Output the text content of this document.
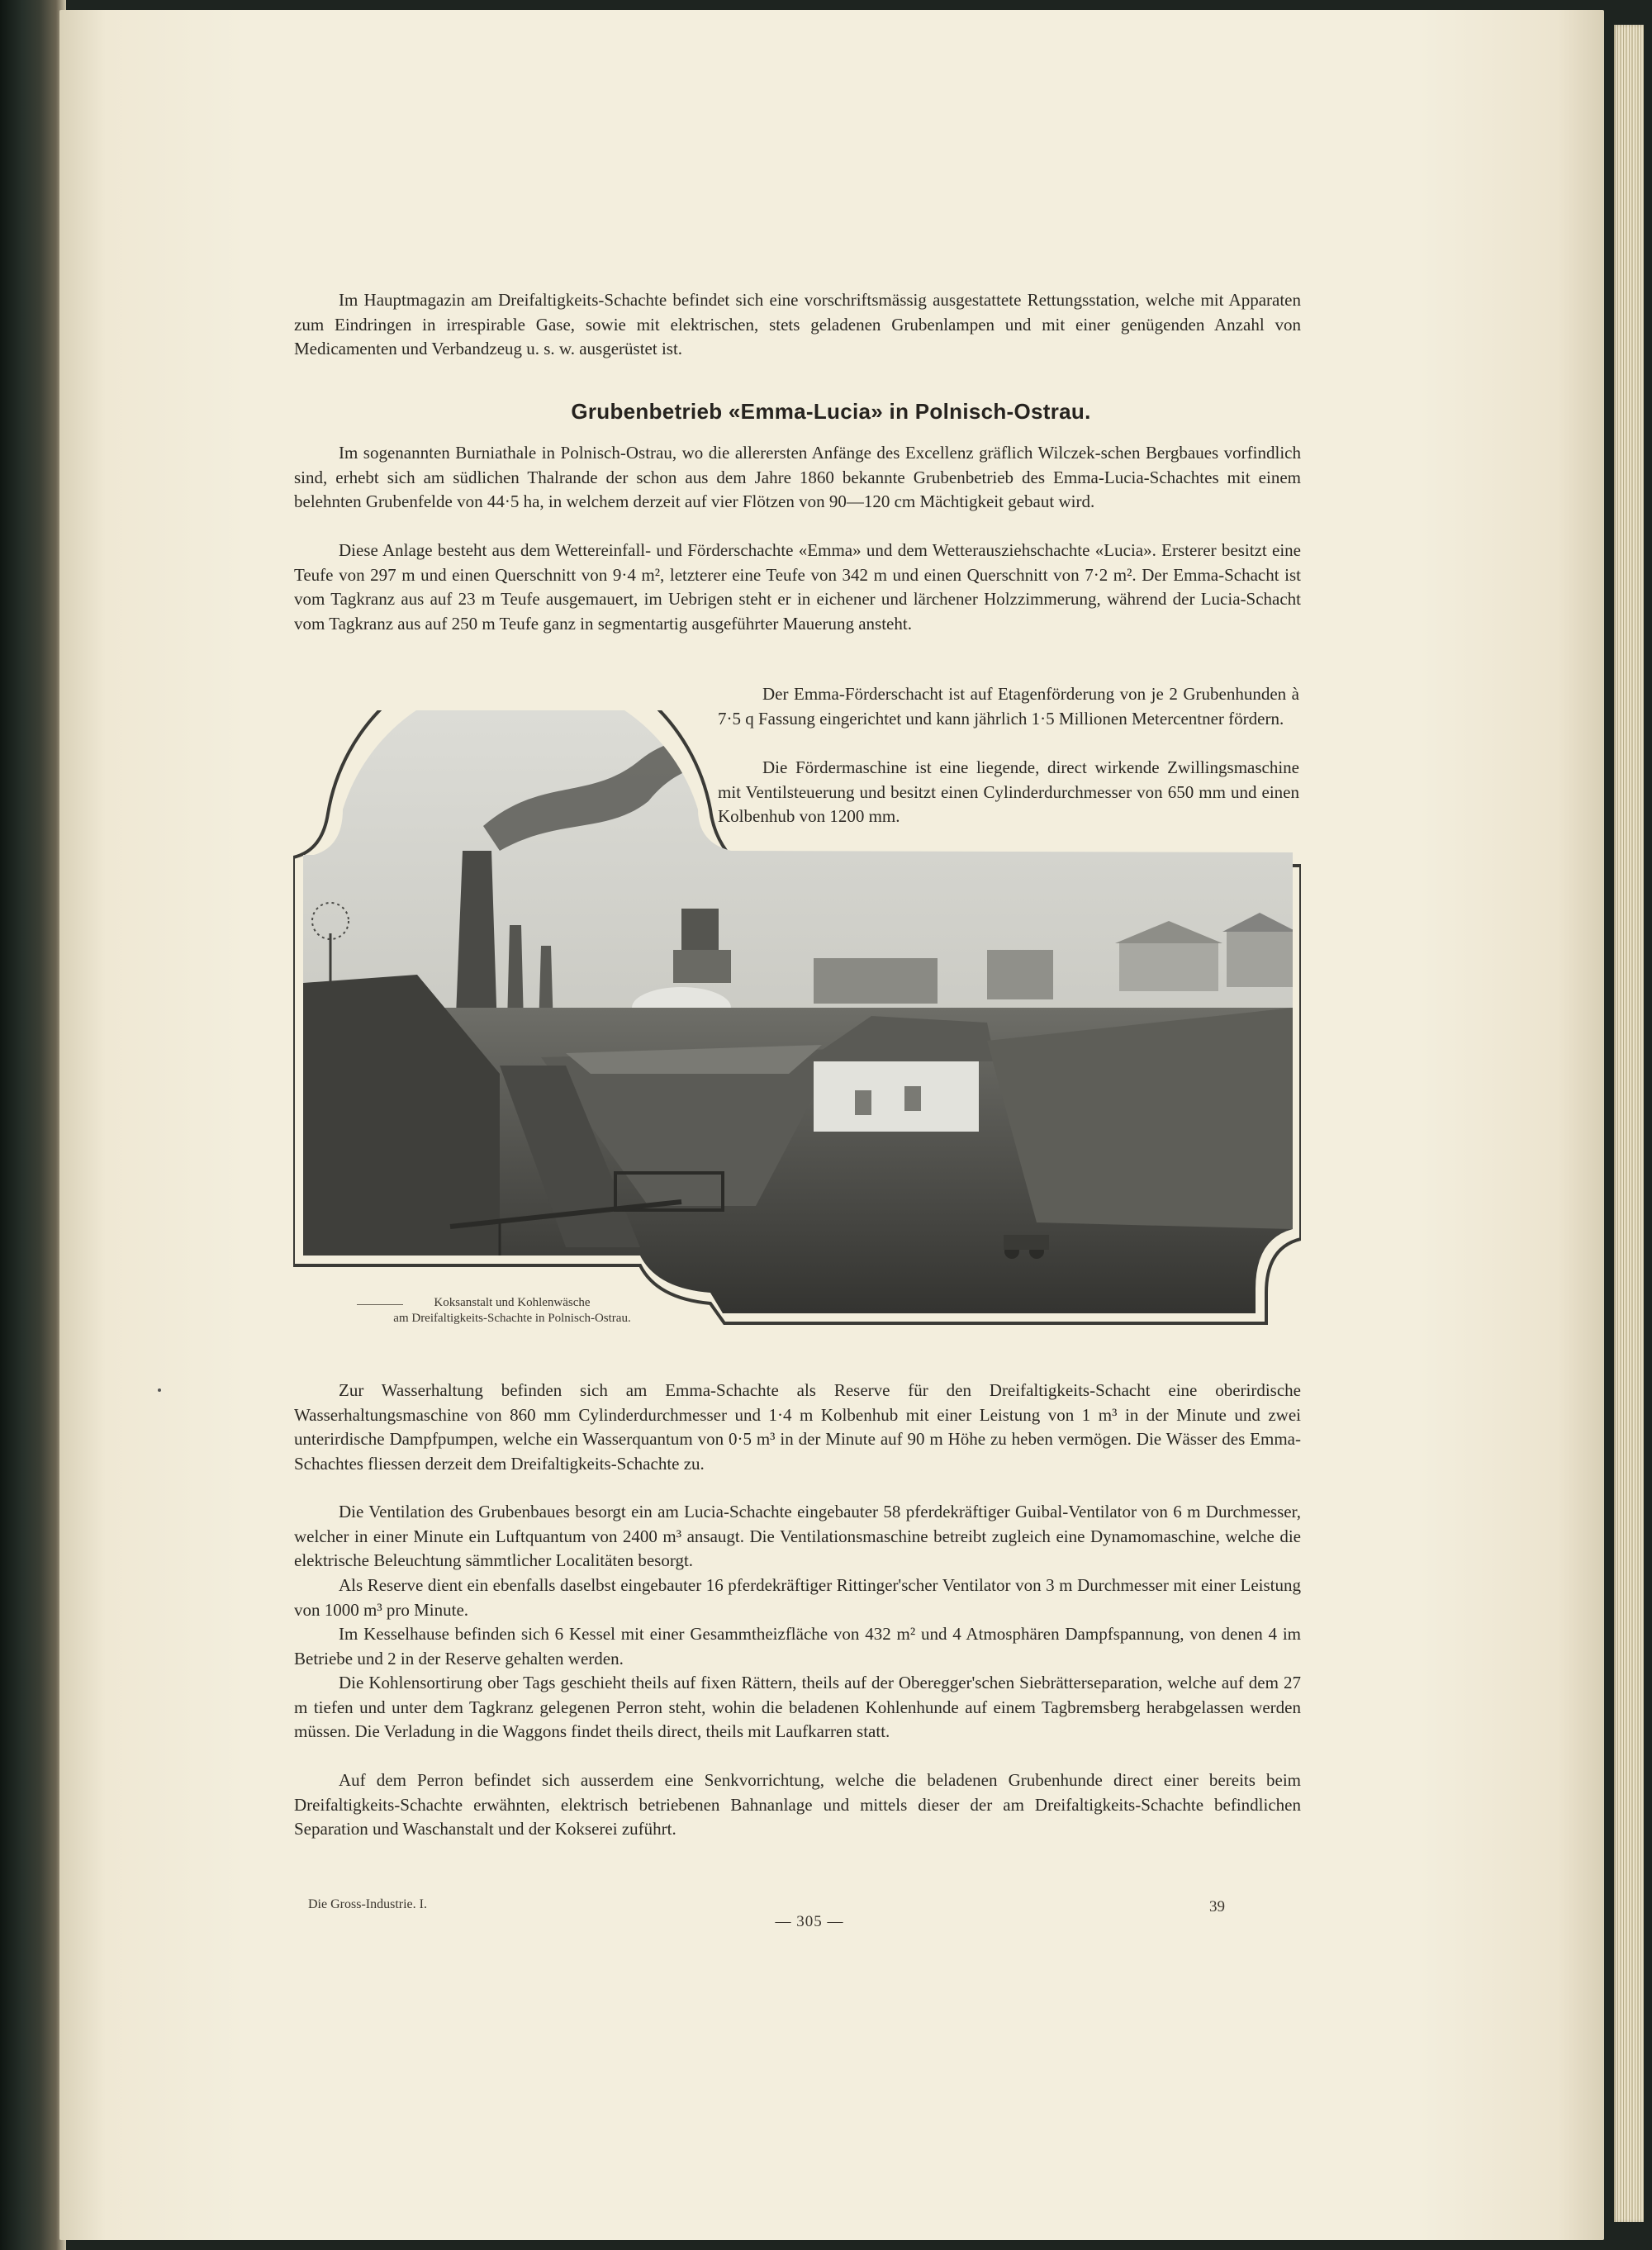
Im Hauptmagazin am Dreifaltigkeits-Schachte befindet sich eine vorschriftsmässig ausgestattete Rettungsstation, welche mit Apparaten zum Eindringen in irrespirable Gase, sowie mit elektrischen, stets geladenen Grubenlampen und mit einer genügenden Anzahl von Medicamenten und Verbandzeug u. s. w. ausgerüstet ist.

Grubenbetrieb «Emma-Lucia» in Polnisch-Ostrau.

Im sogenannten Burniathale in Polnisch-Ostrau, wo die allerersten Anfänge des Excellenz gräflich Wilczek-schen Bergbaues vorfindlich sind, erhebt sich am südlichen Thalrande der schon aus dem Jahre 1860 bekannte Grubenbetrieb des Emma-Lucia-Schachtes mit einem belehnten Grubenfelde von 44·5 ha, in welchem derzeit auf vier Flötzen von 90—120 cm Mächtigkeit gebaut wird.

Diese Anlage besteht aus dem Wettereinfall- und Förderschachte «Emma» und dem Wetterausziehschachte «Lucia». Ersterer besitzt eine Teufe von 297 m und einen Querschnitt von 9·4 m², letzterer eine Teufe von 342 m und einen Querschnitt von 7·2 m². Der Emma-Schacht ist vom Tagkranz aus auf 23 m Teufe ausgemauert, im Uebrigen steht er in eichener und lärchener Holzzimmerung, während der Lucia-Schacht vom Tagkranz aus auf 250 m Teufe ganz in segmentartig ausgeführter Mauerung ansteht.

Der Emma-Förderschacht ist auf Etagenförderung von je 2 Grubenhunden à 7·5 q Fassung eingerichtet und kann jährlich 1·5 Millionen Metercentner fördern.

Die Fördermaschine ist eine liegende, direct wirkende Zwillingsmaschine mit Ventilsteuerung und besitzt einen Cylinderdurchmesser von 650 mm und einen Kolbenhub von 1200 mm.

Koksanstalt und Kohlenwäsche
am Dreifaltigkeits-Schachte in Polnisch-Ostrau.

Zur Wasserhaltung befinden sich am Emma-Schachte als Reserve für den Dreifaltigkeits-Schacht eine oberirdische Wasserhaltungsmaschine von 860 mm Cylinderdurchmesser und 1·4 m Kolbenhub mit einer Leistung von 1 m³ in der Minute und zwei unterirdische Dampfpumpen, welche ein Wasserquantum von 0·5 m³ in der Minute auf 90 m Höhe zu heben vermögen. Die Wässer des Emma-Schachtes fliessen derzeit dem Dreifaltigkeits-Schachte zu.

Die Ventilation des Grubenbaues besorgt ein am Lucia-Schachte eingebauter 58 pferdekräftiger Guibal-Ventilator von 6 m Durchmesser, welcher in einer Minute ein Luftquantum von 2400 m³ ansaugt. Die Ventilationsmaschine betreibt zugleich eine Dynamomaschine, welche die elektrische Beleuchtung sämmtlicher Localitäten besorgt.

Als Reserve dient ein ebenfalls daselbst eingebauter 16 pferdekräftiger Rittinger'scher Ventilator von 3 m Durchmesser mit einer Leistung von 1000 m³ pro Minute.

Im Kesselhause befinden sich 6 Kessel mit einer Gesammtheizfläche von 432 m² und 4 Atmosphären Dampfspannung, von denen 4 im Betriebe und 2 in der Reserve gehalten werden.

Die Kohlensortirung ober Tags geschieht theils auf fixen Rättern, theils auf der Oberegger'schen Siebrätterseparation, welche auf dem 27 m tiefen und unter dem Tagkranz gelegenen Perron steht, wohin die beladenen Kohlenhunde auf einem Tagbremsberg herabgelassen werden müssen. Die Verladung in die Waggons findet theils direct, theils mit Laufkarren statt.

Auf dem Perron befindet sich ausserdem eine Senkvorrichtung, welche die beladenen Grubenhunde direct einer bereits beim Dreifaltigkeits-Schachte erwähnten, elektrisch betriebenen Bahnanlage und mittels dieser der am Dreifaltigkeits-Schachte befindlichen Separation und Waschanstalt und der Kokserei zuführt.

Die Gross-Industrie. I.	39

— 305 —
